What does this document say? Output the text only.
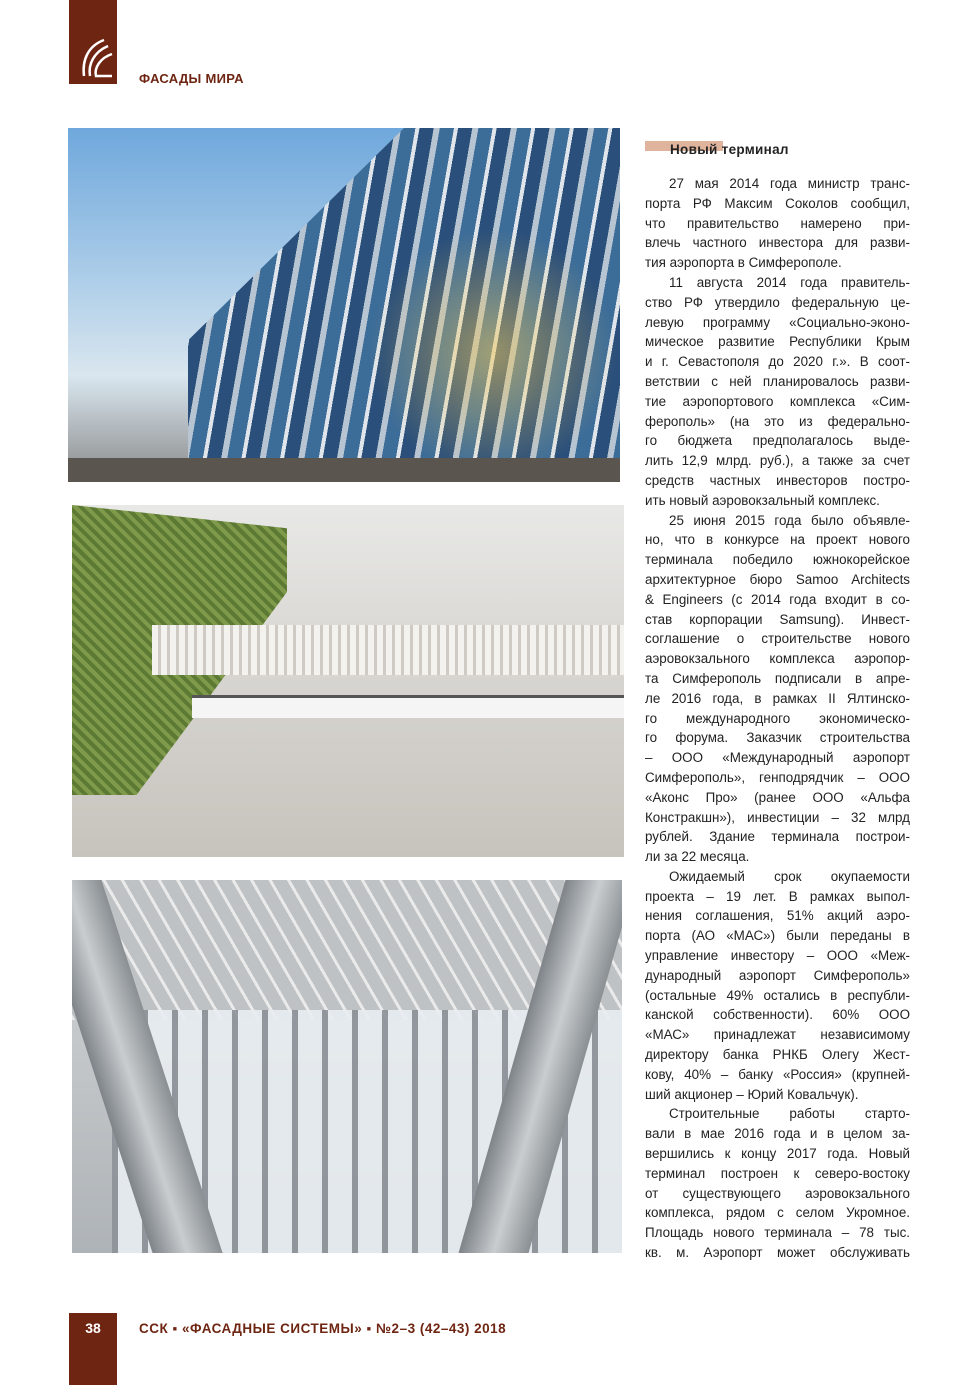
ФАСАДЫ МИРА
Новый терминал
27 мая 2014 года министр транс-
порта РФ Максим Соколов сообщил,
что правительство намерено при-
влечь частного инвестора для разви-
тия аэропорта в Симферополе.
11 августа 2014 года правитель-
ство РФ утвердило федеральную це-
левую программу «Социально-эконо-
мическое развитие Республики Крым
и г. Севастополя до 2020 г.». В соот-
ветствии с ней планировалось разви-
тие аэропортового комплекса «Сим-
ферополь» (на это из федерально-
го бюджета предполагалось выде-
лить 12,9 млрд. руб.), а также за счет
средств частных инвесторов постро-
ить новый аэровокзальный комплекс.
25 июня 2015 года было объявле-
но, что в конкурсе на проект нового
терминала победило южнокорейское
архитектурное бюро Samoo Architects
& Engineers (с 2014 года входит в со-
став корпорации Samsung). Инвест-
соглашение о строительстве нового
аэровокзального комплекса аэропор-
та Симферополь подписали в апре-
ле 2016 года, в рамках II Ялтинско-
го международного экономическо-
го форума. Заказчик строительства
– ООО «Международный аэропорт
Симферополь», генподрядчик – ООО
«Аконс Про» (ранее ООО «Альфа
Констракшн»), инвестиции – 32 млрд
рублей. Здание терминала построи-
ли за 22 месяца.
Ожидаемый срок окупаемости
проекта – 19 лет. В рамках выпол-
нения соглашения, 51% акций аэро-
порта (АО «МАС») были переданы в
управление инвестору – ООО «Меж-
дународный аэропорт Симферополь»
(остальные 49% остались в республи-
канской собственности). 60% ООО
«МАС» принадлежат независимому
директору банка РНКБ Олегу Жест-
кову, 40% – банку «Россия» (крупней-
ший акционер – Юрий Ковальчук).
Строительные работы старто-
вали в мае 2016 года и в целом за-
вершились к концу 2017 года. Новый
терминал построен к северо-востоку
от существующего аэровокзального
комплекса, рядом с селом Укромное.
Площадь нового терминала – 78 тыс.
кв. м. Аэропорт может обслуживать
38	ССК ▪ «ФАСАДНЫЕ СИСТЕМЫ» ▪ №2–3 (42–43) 2018
